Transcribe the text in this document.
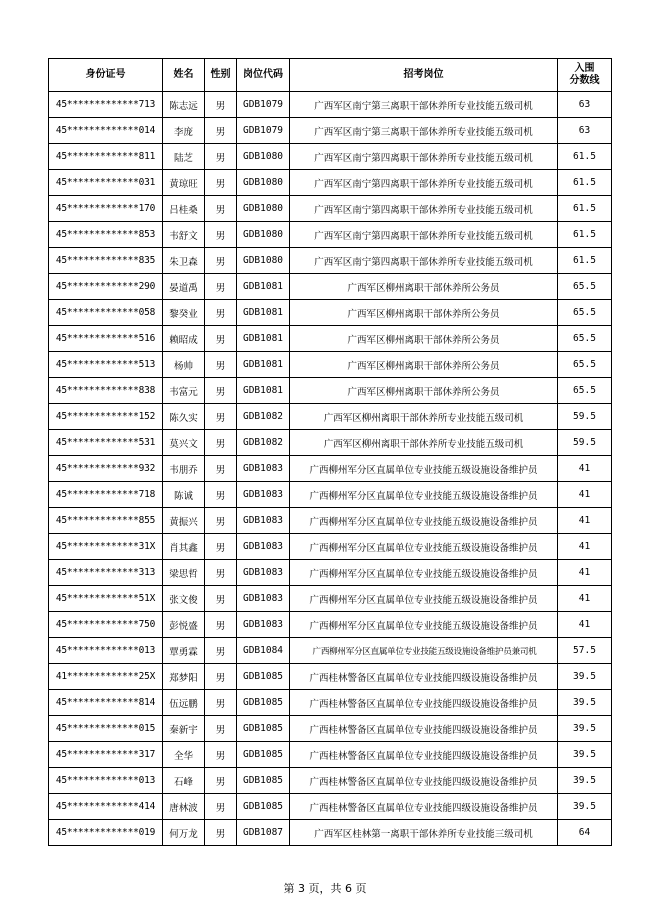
身份证号	姓名	性别	岗位代码	招考岗位	入围
分数线

45*************713	陈志远	男	GDB1079	广西军区南宁第三离职干部休养所专业技能五级司机	63
45*************014	李庞	男	GDB1079	广西军区南宁第三离职干部休养所专业技能五级司机	63
45*************811	陆芝	男	GDB1080	广西军区南宁第四离职干部休养所专业技能五级司机	61.5
45*************031	黄琼旺	男	GDB1080	广西军区南宁第四离职干部休养所专业技能五级司机	61.5
45*************170	吕桂桑	男	GDB1080	广西军区南宁第四离职干部休养所专业技能五级司机	61.5
45*************853	韦舒文	男	GDB1080	广西军区南宁第四离职干部休养所专业技能五级司机	61.5
45*************835	朱卫森	男	GDB1080	广西军区南宁第四离职干部休养所专业技能五级司机	61.5
45*************290	晏道禹	男	GDB1081	广西军区柳州离职干部休养所公务员	65.5
45*************058	黎癸业	男	GDB1081	广西军区柳州离职干部休养所公务员	65.5
45*************516	赖昭成	男	GDB1081	广西军区柳州离职干部休养所公务员	65.5
45*************513	杨帅	男	GDB1081	广西军区柳州离职干部休养所公务员	65.5
45*************838	韦富元	男	GDB1081	广西军区柳州离职干部休养所公务员	65.5
45*************152	陈久实	男	GDB1082	广西军区柳州离职干部休养所专业技能五级司机	59.5
45*************531	莫兴文	男	GDB1082	广西军区柳州离职干部休养所专业技能五级司机	59.5
45*************932	韦朋乔	男	GDB1083	广西柳州军分区直属单位专业技能五级设施设备维护员	41
45*************718	陈诚	男	GDB1083	广西柳州军分区直属单位专业技能五级设施设备维护员	41
45*************855	黄振兴	男	GDB1083	广西柳州军分区直属单位专业技能五级设施设备维护员	41
45*************31X	肖其鑫	男	GDB1083	广西柳州军分区直属单位专业技能五级设施设备维护员	41
45*************313	梁思哲	男	GDB1083	广西柳州军分区直属单位专业技能五级设施设备维护员	41
45*************51X	张文俊	男	GDB1083	广西柳州军分区直属单位专业技能五级设施设备维护员	41
45*************750	彭悦盛	男	GDB1083	广西柳州军分区直属单位专业技能五级设施设备维护员	41
45*************013	覃勇霖	男	GDB1084	广西柳州军分区直属单位专业技能五级设施设备维护员兼司机	57.5
41*************25X	郑梦阳	男	GDB1085	广西桂林警备区直属单位专业技能四级设施设备维护员	39.5
45*************814	伍远鹏	男	GDB1085	广西桂林警备区直属单位专业技能四级设施设备维护员	39.5
45*************015	秦新宇	男	GDB1085	广西桂林警备区直属单位专业技能四级设施设备维护员	39.5
45*************317	全华	男	GDB1085	广西桂林警备区直属单位专业技能四级设施设备维护员	39.5
45*************013	石峰	男	GDB1085	广西桂林警备区直属单位专业技能四级设施设备维护员	39.5
45*************414	唐林波	男	GDB1085	广西桂林警备区直属单位专业技能四级设施设备维护员	39.5
45*************019	何万龙	男	GDB1087	广西军区桂林第一离职干部休养所专业技能三级司机	64
第 3 页，共 6 页
